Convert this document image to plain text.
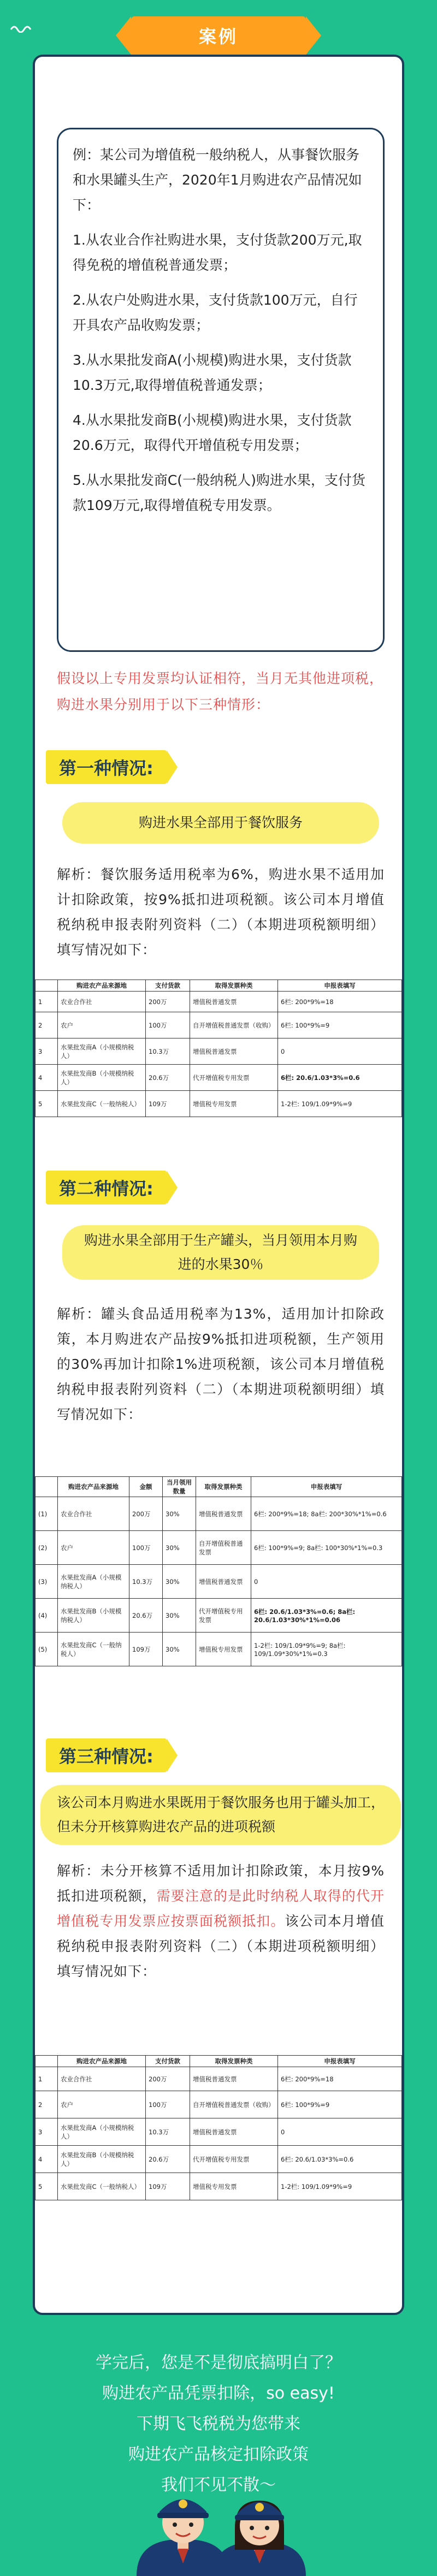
案例

例：某公司为增值税一般纳税人，从事餐饮服务和水果罐头生产，2020年1月购进农产品情况如下：

1.从农业合作社购进水果，支付货款200万元,取得免税的增值税普通发票；

2.从农户处购进水果，支付货款100万元，自行开具农产品收购发票；

3.从水果批发商A(小规模)购进水果，支付货款10.3万元,取得增值税普通发票；

4.从水果批发商B(小规模)购进水果，支付货款20.6万元，取得代开增值税专用发票；

5.从水果批发商C(一般纳税人)购进水果，支付货款109万元,取得增值税专用发票。

假设以上专用发票均认证相符，当月无其他进项税，购进水果分别用于以下三种情形：
第一种情况:
购进水果全部用于餐饮服务
解析：餐饮服务适用税率为6%，购进水果不适用加计扣除政策，按9%抵扣进项税额。该公司本月增值税纳税申报表附列资料（二）（本期进项税额明细）填写情况如下：
	购进农产品来源地	支付货款	取得发票种类	申报表填写
1	农业合作社	200万	增值税普通发票	6栏: 200*9%=18
2	农户	100万	自开增值税普通发票（收购）	6栏: 100*9%=9
3	水果批发商A（小规模纳税人）	10.3万	增值税普通发票	0
4	水果批发商B（小规模纳税人）	20.6万	代开增值税专用发票	6栏: 20.6/1.03*3%=0.6
5	水果批发商C（一般纳税人）	109万	增值税专用发票	1-2栏: 109/1.09*9%=9
第二种情况:
购进水果全部用于生产罐头，当月领用本月购进的水果30％
解析：罐头食品适用税率为13%，适用加计扣除政策，本月购进农产品按9%抵扣进项税额，生产领用的30%再加计扣除1%进项税额，该公司本月增值税纳税申报表附列资料（二）（本期进项税额明细）填写情况如下：
	购进农产品来源地	金额	当月领用数量	取得发票种类	申报表填写
(1)	农业合作社	200万	30%	增值税普通发票	6栏: 200*9%=18; 8a栏: 200*30%*1%=0.6
(2)	农户	100万	30%	自开增值税普通发票	6栏: 100*9%=9; 8a栏: 100*30%*1%=0.3
(3)	水果批发商A（小规模纳税人）	10.3万	30%	增值税普通发票	0
(4)	水果批发商B（小规模纳税人）	20.6万	30%	代开增值税专用发票	6栏: 20.6/1.03*3%=0.6; 8a栏: 20.6/1.03*30%*1%=0.06
(5)	水果批发商C（一般纳税人）	109万	30%	增值税专用发票	1-2栏: 109/1.09*9%=9; 8a栏: 109/1.09*30%*1%=0.3
第三种情况:
该公司本月购进水果既用于餐饮服务也用于罐头加工，但未分开核算购进农产品的进项税额
解析：未分开核算不适用加计扣除政策，本月按9%抵扣进项税额，需要注意的是此时纳税人取得的代开增值税专用发票应按票面税额抵扣。该公司本月增值税纳税申报表附列资料（二）（本期进项税额明细）填写情况如下：
	购进农产品来源地	支付货款	取得发票种类	申报表填写
1	农业合作社	200万	增值税普通发票	6栏: 200*9%=18
2	农户	100万	自开增值税普通发票（收购）	6栏: 100*9%=9
3	水果批发商A（小规模纳税人）	10.3万	增值税普通发票	0
4	水果批发商B（小规模纳税人）	20.6万	代开增值税专用发票	6栏: 20.6/1.03*3%=0.6
5	水果批发商C（一般纳税人）	109万	增值税专用发票	1-2栏: 109/1.09*9%=9
学完后，您是不是彻底搞明白了？
购进农产品凭票扣除，so easy!
下期飞飞税税为您带来
购进农产品核定扣除政策
我们不见不散～
